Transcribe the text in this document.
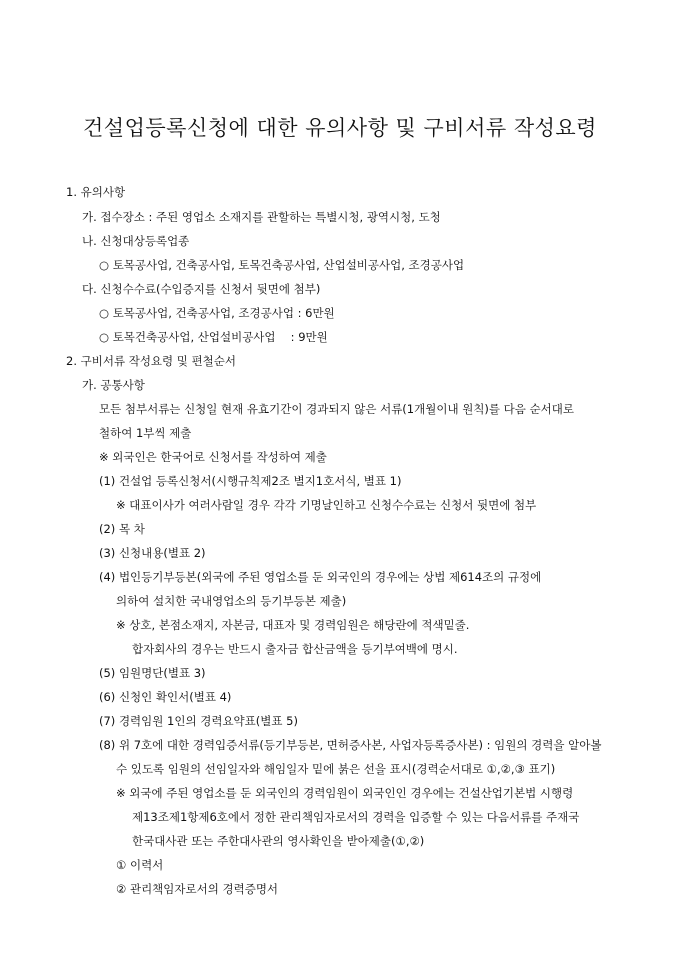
건설업등록신청에 대한 유의사항 및 구비서류 작성요령
1. 유의사항
가. 접수장소 : 주된 영업소 소재지를 관할하는 특별시청, 광역시청, 도청
나. 신청대상등록업종
○ 토목공사업, 건축공사업, 토목건축공사업, 산업설비공사업, 조경공사업
다. 신청수수료(수입증지를 신청서 뒷면에 첨부)
○ 토목공사업, 건축공사업, 조경공사업 : 6만원
○ 토목건축공사업, 산업설비공사업　 : 9만원
2. 구비서류 작성요령 및 편철순서
가. 공통사항
모든 첨부서류는 신청일 현재 유효기간이 경과되지 않은 서류(1개월이내 원칙)를 다음 순서대로
철하여 1부씩 제출
※ 외국인은 한국어로 신청서를 작성하여 제출
(1) 건설업 등록신청서(시행규칙제2조 별지1호서식, 별표 1)
※ 대표이사가 여러사람일 경우 각각 기명날인하고 신청수수료는 신청서 뒷면에 첨부
(2) 목 차
(3) 신청내용(별표 2)
(4) 법인등기부등본(외국에 주된 영업소를 둔 외국인의 경우에는 상법 제614조의 규정에
의하여 설치한 국내영업소의 등기부등본 제출)
※ 상호, 본점소재지, 자본금, 대표자 및 경력임원은 해당란에 적색밑줄.
합자회사의 경우는 반드시 출자금 합산금액을 등기부여백에 명시.
(5) 임원명단(별표 3)
(6) 신청인 확인서(별표 4)
(7) 경력임원 1인의 경력요약표(별표 5)
(8) 위 7호에 대한 경력입증서류(등기부등본, 면허증사본, 사업자등록증사본) : 임원의 경력을 알아볼
수 있도록 임원의 선임일자와 해임일자 밑에 붉은 선을 표시(경력순서대로 ①,②,③ 표기)
※ 외국에 주된 영업소를 둔 외국인의 경력임원이 외국인인 경우에는 건설산업기본법 시행령
제13조제1항제6호에서 정한 관리책임자로서의 경력을 입증할 수 있는 다음서류를 주재국
한국대사관 또는 주한대사관의 영사확인을 받아제출(①,②)
① 이력서
② 관리책임자로서의 경력증명서
